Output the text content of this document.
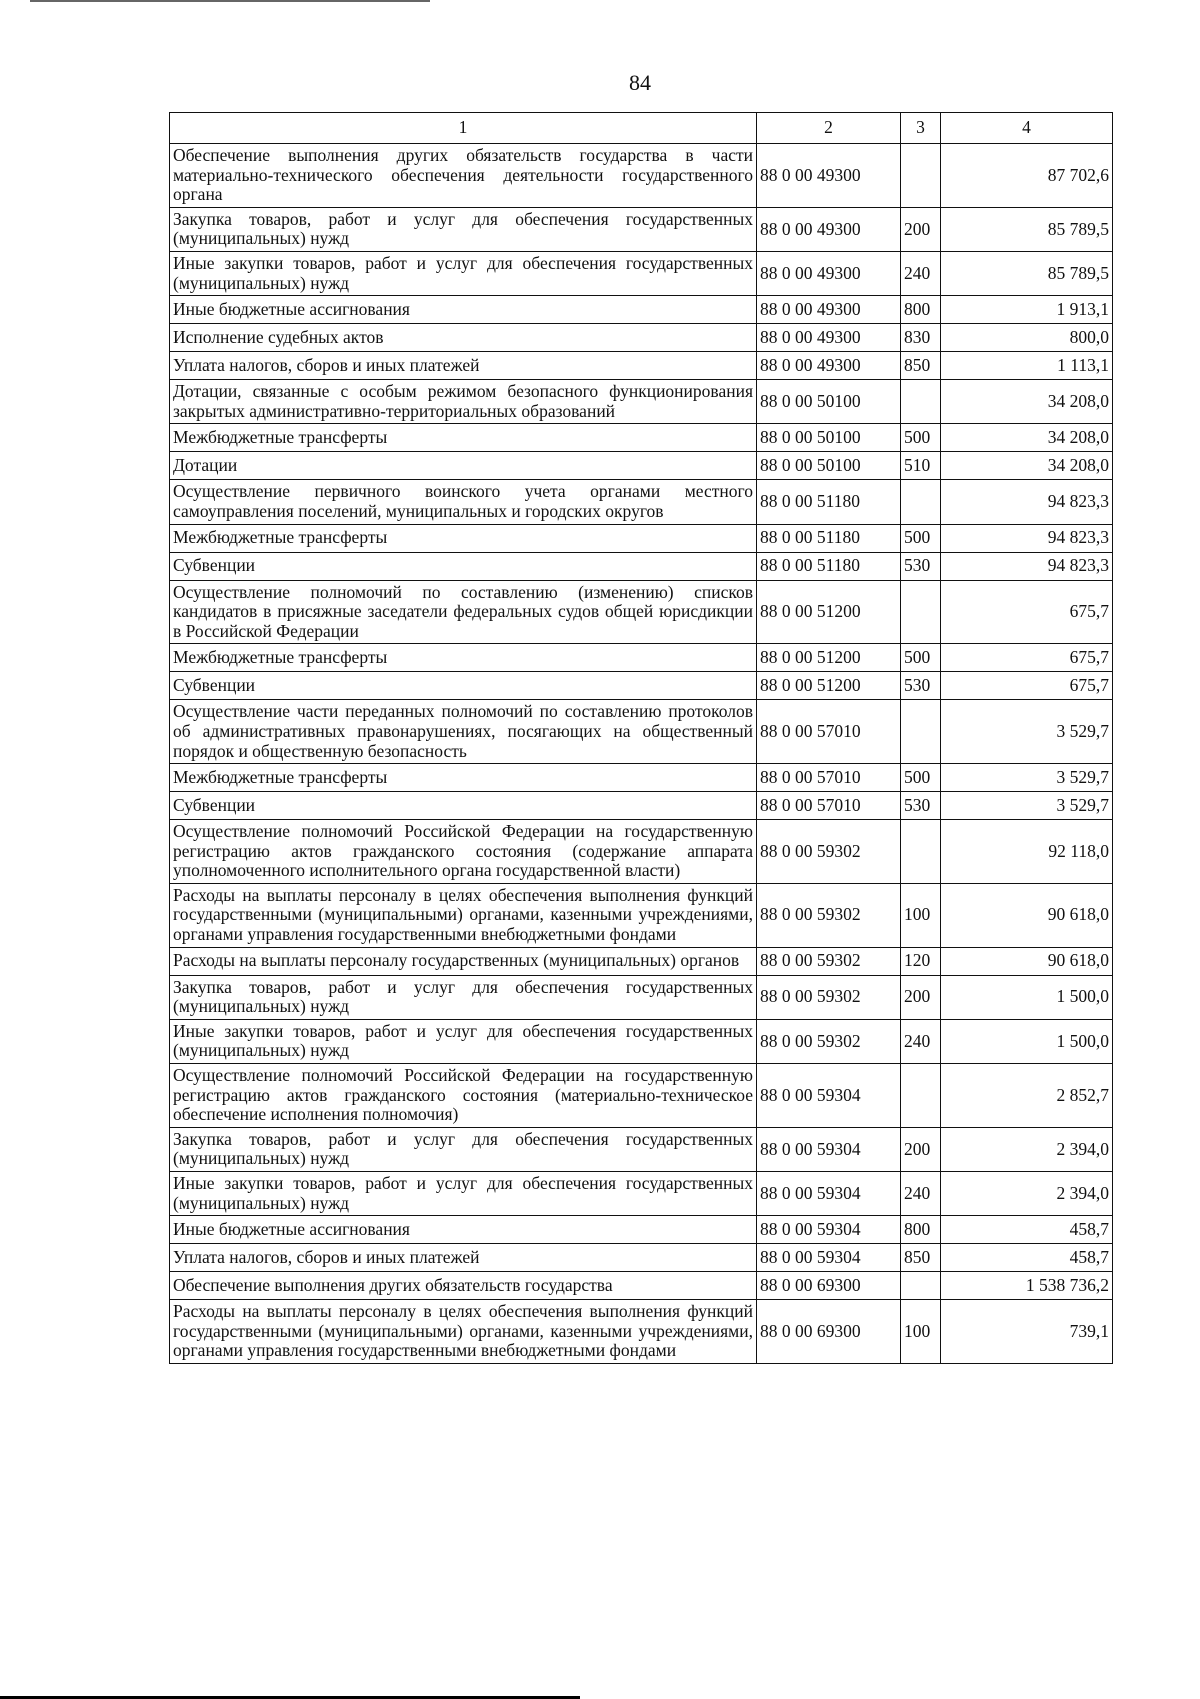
84
1	2	3	4
Обеспечение выполнения других обязательств государства в части материально-технического обеспечения деятельности государственного органа	88 0 00 49300		87 702,6
Закупка товаров, работ и услуг для обеспечения государственных (муниципальных) нужд	88 0 00 49300	200	85 789,5
Иные закупки товаров, работ и услуг для обеспечения государственных (муниципальных) нужд	88 0 00 49300	240	85 789,5
Иные бюджетные ассигнования	88 0 00 49300	800	1 913,1
Исполнение судебных актов	88 0 00 49300	830	800,0
Уплата налогов, сборов и иных платежей	88 0 00 49300	850	1 113,1
Дотации, связанные с особым режимом безопасного функционирования закрытых административно-территориальных образований	88 0 00 50100		34 208,0
Межбюджетные трансферты	88 0 00 50100	500	34 208,0
Дотации	88 0 00 50100	510	34 208,0
Осуществление первичного воинского учета органами местного самоуправления поселений, муниципальных и городских округов	88 0 00 51180		94 823,3
Межбюджетные трансферты	88 0 00 51180	500	94 823,3
Субвенции	88 0 00 51180	530	94 823,3
Осуществление полномочий по составлению (изменению) списков кандидатов в присяжные заседатели федеральных судов общей юрисдикции в Российской Федерации	88 0 00 51200		675,7
Межбюджетные трансферты	88 0 00 51200	500	675,7
Субвенции	88 0 00 51200	530	675,7
Осуществление части переданных полномочий по составлению протоколов об административных правонарушениях, посягающих на общественный порядок и общественную безопасность	88 0 00 57010		3 529,7
Межбюджетные трансферты	88 0 00 57010	500	3 529,7
Субвенции	88 0 00 57010	530	3 529,7
Осуществление полномочий Российской Федерации на государственную регистрацию актов гражданского состояния (содержание аппарата уполномоченного исполнительного органа государственной власти)	88 0 00 59302		92 118,0
Расходы на выплаты персоналу в целях обеспечения выполнения функций государственными (муниципальными) органами, казенными учреждениями, органами управления государственными внебюджетными фондами	88 0 00 59302	100	90 618,0
Расходы на выплаты персоналу государственных (муниципальных) органов	88 0 00 59302	120	90 618,0
Закупка товаров, работ и услуг для обеспечения государственных (муниципальных) нужд	88 0 00 59302	200	1 500,0
Иные закупки товаров, работ и услуг для обеспечения государственных (муниципальных) нужд	88 0 00 59302	240	1 500,0
Осуществление полномочий Российской Федерации на государственную регистрацию актов гражданского состояния (материально-техническое обеспечение исполнения полномочия)	88 0 00 59304		2 852,7
Закупка товаров, работ и услуг для обеспечения государственных (муниципальных) нужд	88 0 00 59304	200	2 394,0
Иные закупки товаров, работ и услуг для обеспечения государственных (муниципальных) нужд	88 0 00 59304	240	2 394,0
Иные бюджетные ассигнования	88 0 00 59304	800	458,7
Уплата налогов, сборов и иных платежей	88 0 00 59304	850	458,7
Обеспечение выполнения других обязательств государства	88 0 00 69300		1 538 736,2
Расходы на выплаты персоналу в целях обеспечения выполнения функций государственными (муниципальными) органами, казенными учреждениями, органами управления государственными внебюджетными фондами	88 0 00 69300	100	739,1
